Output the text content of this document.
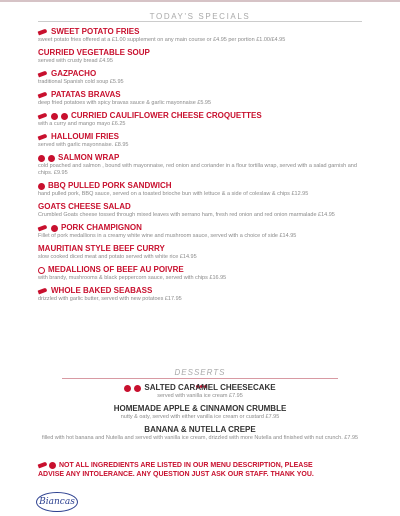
TODAY'S SPECIALS
SWEET POTATO FRIES
sweet potato fries offered at a £1.00 supplement on any main course or £4.95 per portion £1.00/£4.95
CURRIED VEGETABLE SOUP
served with crusty bread £4.95
GAZPACHO
traditional Spanish cold soup £5.95
PATATAS BRAVAS
deep fried potatoes with spicy bravas sauce & garlic mayonnaise £5.95
CURRIED CAULIFLOWER CHEESE CROQUETTES
with a curry and mango mayo £6.25
HALLOUMI FRIES
served with garlic mayonnaise. £8.95
SALMON WRAP
cold poached and salmon , bound with mayonnaise, red onion and coriander in a flour tortilla wrap, served with a salad garnish and chips. £9.95
BBQ PULLED PORK SANDWICH
hand pulled pork, BBQ sauce, served on a toasted brioche bun with lettuce & a side of coleslaw & chips £12.95
GOATS CHEESE SALAD
Crumbled Goats cheese tossed through mixed leaves with serrano ham, fresh red onion and red onion marmalade £14.95
PORK CHAMPIGNON
Fillet of pork medallions in a creamy white wine and mushroom sauce, served with a choice of side £14.95
MAURITIAN STYLE BEEF CURRY
slow cooked diced meat and potato served with white rice £14.95
MEDALLIONS OF BEEF AU POIVRE
with brandy, mushrooms & black peppercorn sauce, served with chips £16.95
WHOLE BAKED SEABASS
drizzled with garlic butter, served with new potatoes £17.95
DESSERTS
SALTED CARAMEL CHEESECAKE
served with vanilla ice cream £7.95
HOMEMADE APPLE & CINNAMON CRUMBLE
nutty & oaty, served with either vanilla ice cream or custard £7.95
BANANA & NUTELLA CREPE
filled with hot banana and Nutella and served with vanilla ice cream, drizzled with more Nutella and finished with nut crunch. £7.95
NOT ALL INGREDIENTS ARE LISTED IN OUR MENU DESCRIPTION, PLEASE ADVISE ANY INTOLERANCE. ANY QUESTION JUST ASK OUR STAFF. THANK YOU.
Biancas
